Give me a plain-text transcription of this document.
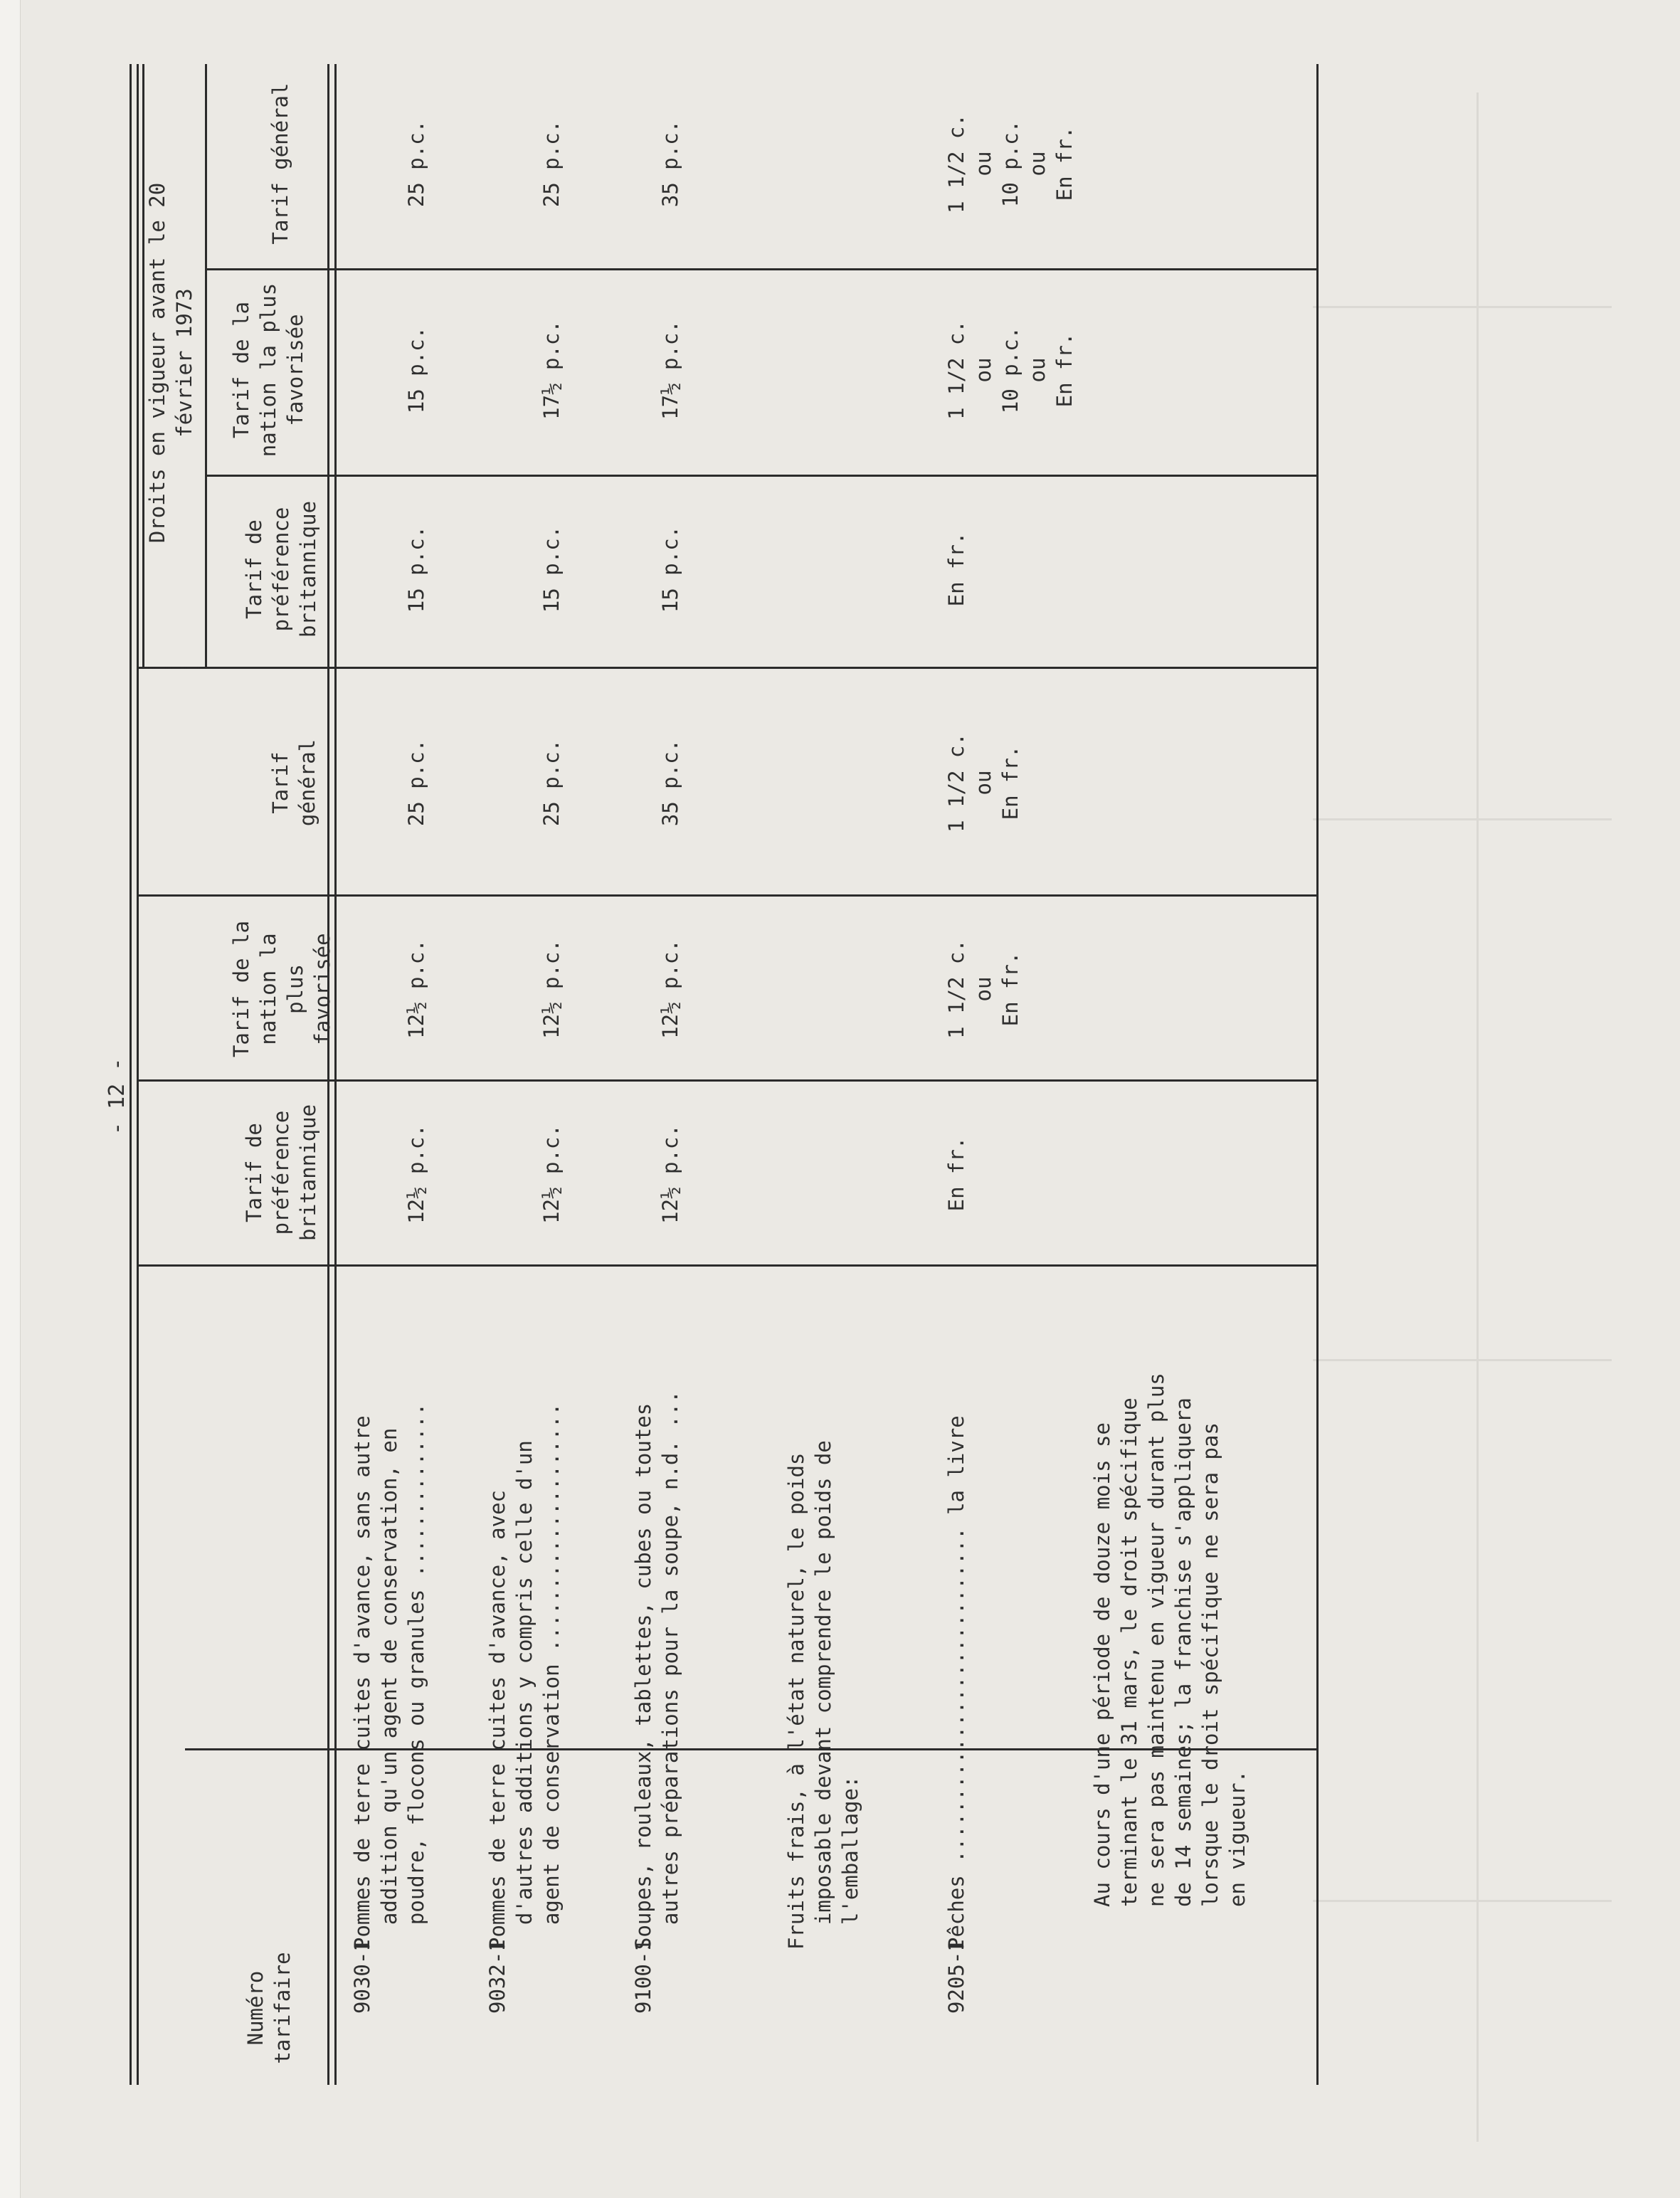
- 12 -
Numéro tarifaire
Tarif de préférence britannique
Tarif de la nation la plus favorisée
Tarif général
Droits en vigueur avant le 20 février 1973
Tarif de préférence britannique
Tarif de la nation la plus favorisée
Tarif général
9030-1
Pommes de terre cuites d'avance, sans autre
addition qu'un agent de conservation, en
poudre, flocons ou granules ..............
12½ p.c.
12½ p.c.
25 p.c.
15 p.c.
15 p.c.
25 p.c.
9032-1
Pommes de terre cuites d'avance, avec
d'autres additions y compris celle d'un
agent de conservation ....................
12½ p.c.
12½ p.c.
25 p.c.
15 p.c.
17½ p.c.
25 p.c.
9100-1
Soupes, rouleaux, tablettes, cubes ou toutes
autres préparations pour la soupe, n.d. ...
12½ p.c.
12½ p.c.
35 p.c.
15 p.c.
17½ p.c.
35 p.c.
Fruits frais, à l'état naturel, le poids
imposable devant comprendre le poids de
l'emballage:
9205-1
Pêches ........................... la livre
En fr.
1 1/2 c.
ou
En fr.
1 1/2 c.
ou
En fr.
En fr.
1 1/2 c.
ou
10 p.c.
ou
En fr.
1 1/2 c.
ou
10 p.c.
ou
En fr.
Au cours d'une période de douze mois se
terminant le 31 mars, le droit spécifique
ne sera pas maintenu en vigueur durant plus
de 14 semaines; la franchise s'appliquera
lorsque le droit spécifique ne sera pas
en vigueur.
